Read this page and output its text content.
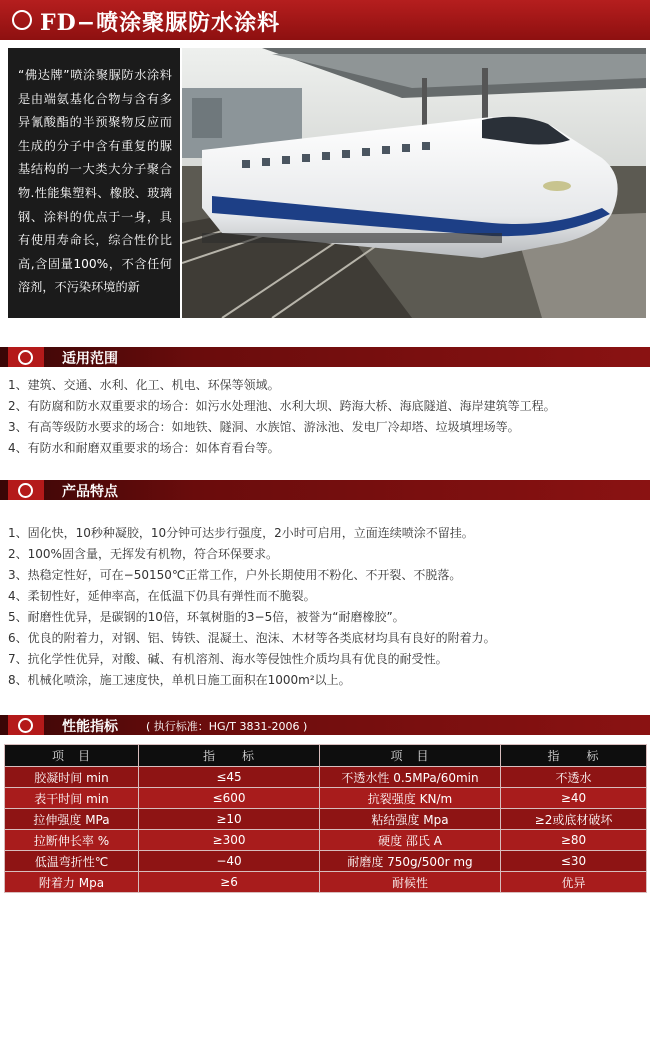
FD−喷涂聚脲防水涂料
“佛达牌”喷涂聚脲防水涂料是由端氨基化合物与含有多异氰酸酯的半预聚物反应而生成的分子中含有重复的脲基结构的一大类大分子聚合物.性能集塑料、橡胶、玻璃钢、涂料的优点于一身，具有使用寿命长，综合性价比高,含固量100%，不含任何溶剂，不污染环境的新
适用范围
1、建筑、交通、水利、化工、机电、环保等领域。
2、有防腐和防水双重要求的场合：如污水处理池、水利大坝、跨海大桥、海底隧道、海岸建筑等工程。
3、有高等级防水要求的场合：如地铁、隧洞、水族馆、游泳池、发电厂冷却塔、垃圾填埋场等。
4、有防水和耐磨双重要求的场合：如体育看台等。
产品特点
1、固化快，10秒种凝胶，10分钟可达步行强度，2小时可启用，立面连续喷涂不留挂。
2、100%固含量，无挥发有机物，符合环保要求。
3、热稳定性好，可在−50150℃正常工作，户外长期使用不粉化、不开裂、不脱落。
4、柔韧性好，延伸率高，在低温下仍具有弹性而不脆裂。
5、耐磨性优异，是碳钢的10倍，环氧树脂的3−5倍，被誉为“耐磨橡胶”。
6、优良的附着力，对钢、铝、铸铁、混凝土、泡沫、木材等各类底材均具有良好的附着力。
7、抗化学性优异，对酸、碱、有机溶剂、海水等侵蚀性介质均具有优良的耐受性。
8、机械化喷涂，施工速度快，单机日施工面积在1000m²以上。
性能指标	( 执行标准：HG/T 3831-2006 )
项　目	指　　标	项　目	指　　标
胶凝时间 min	≤45	不透水性 0.5MPa/60min	不透水
表干时间 min	≤600	抗裂强度 KN/m	≥40
拉伸强度 MPa	≥10	粘结强度 Mpa	≥2或底材破坏
拉断伸长率 %	≥300	硬度 邵氏 A	≥80
低温弯折性℃	−40	耐磨度 750g/500r mg	≤30
附着力 Mpa	≥6	耐候性	优异
